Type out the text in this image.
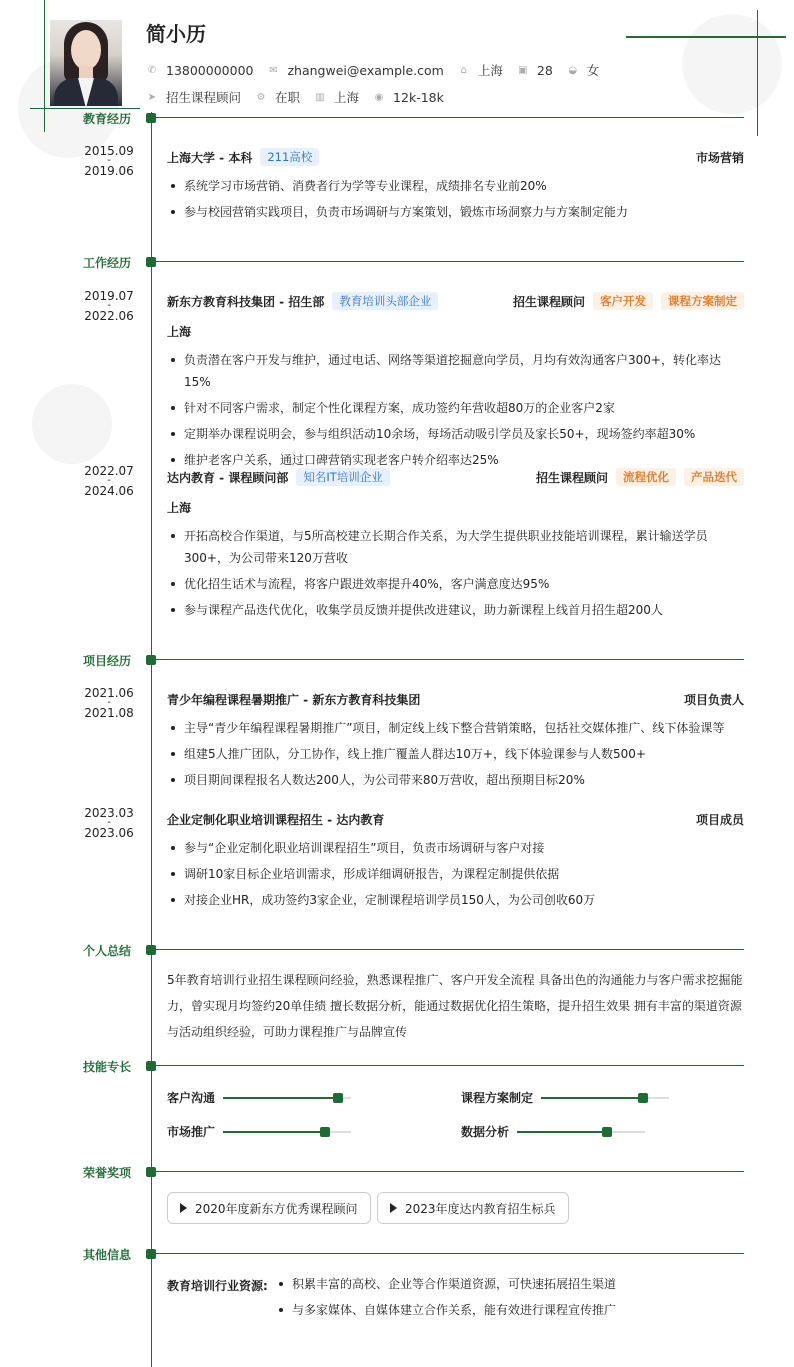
简小历
✆ 13800000000 ✉ zhangwei@example.com ⌂ 上海 ▣ 28 ◒ 女
➤ 招生课程顾问 ⚙ 在职 ▥ 上海 ◉ 12k-18k
教育经历
2015.09
-
2019.06
上海大学 - 本科	211高校	市场营销
系统学习市场营销、消费者行为学等专业课程，成绩排名专业前20%
参与校园营销实践项目，负责市场调研与方案策划，锻炼市场洞察力与方案制定能力
工作经历
2019.07
-
2022.06
新东方教育科技集团 - 招生部	教育培训头部企业	招生课程顾问	客户开发	课程方案制定
上海
负责潜在客户开发与维护，通过电话、网络等渠道挖掘意向学员，月均有效沟通客户300+，转化率达15%
针对不同客户需求，制定个性化课程方案，成功签约年营收超80万的企业客户2家
定期举办课程说明会，参与组织活动10余场，每场活动吸引学员及家长50+，现场签约率超30%
维护老客户关系，通过口碑营销实现老客户转介绍率达25%
2022.07
-
2024.06
达内教育 - 课程顾问部	知名IT培训企业	招生课程顾问	流程优化	产品迭代
上海
开拓高校合作渠道，与5所高校建立长期合作关系，为大学生提供职业技能培训课程，累计输送学员300+，为公司带来120万营收
优化招生话术与流程，将客户跟进效率提升40%，客户满意度达95%
参与课程产品迭代优化，收集学员反馈并提供改进建议，助力新课程上线首月招生超200人
项目经历
2021.06
-
2021.08
青少年编程课程暑期推广 - 新东方教育科技集团	项目负责人
主导“青少年编程课程暑期推广”项目，制定线上线下整合营销策略，包括社交媒体推广、线下体验课等
组建5人推广团队，分工协作，线上推广覆盖人群达10万+，线下体验课参与人数500+
项目期间课程报名人数达200人，为公司带来80万营收，超出预期目标20%
2023.03
-
2023.06
企业定制化职业培训课程招生 - 达内教育	项目成员
参与“企业定制化职业培训课程招生”项目，负责市场调研与客户对接
调研10家目标企业培训需求，形成详细调研报告，为课程定制提供依据
对接企业HR，成功签约3家企业，定制课程培训学员150人，为公司创收60万
个人总结
5年教育培训行业招生课程顾问经验，熟悉课程推广、客户开发全流程 具备出色的沟通能力与客户需求挖掘能力，曾实现月均签约20单佳绩 擅长数据分析，能通过数据优化招生策略，提升招生效果 拥有丰富的渠道资源与活动组织经验，可助力课程推广与品牌宣传
技能专长
客户沟通	课程方案制定
市场推广	数据分析
荣誉奖项
2020年度新东方优秀课程顾问	2023年度达内教育招生标兵
其他信息
教育培训行业资源:	积累丰富的高校、企业等合作渠道资源，可快速拓展招生渠道
与多家媒体、自媒体建立合作关系，能有效进行课程宣传推广
